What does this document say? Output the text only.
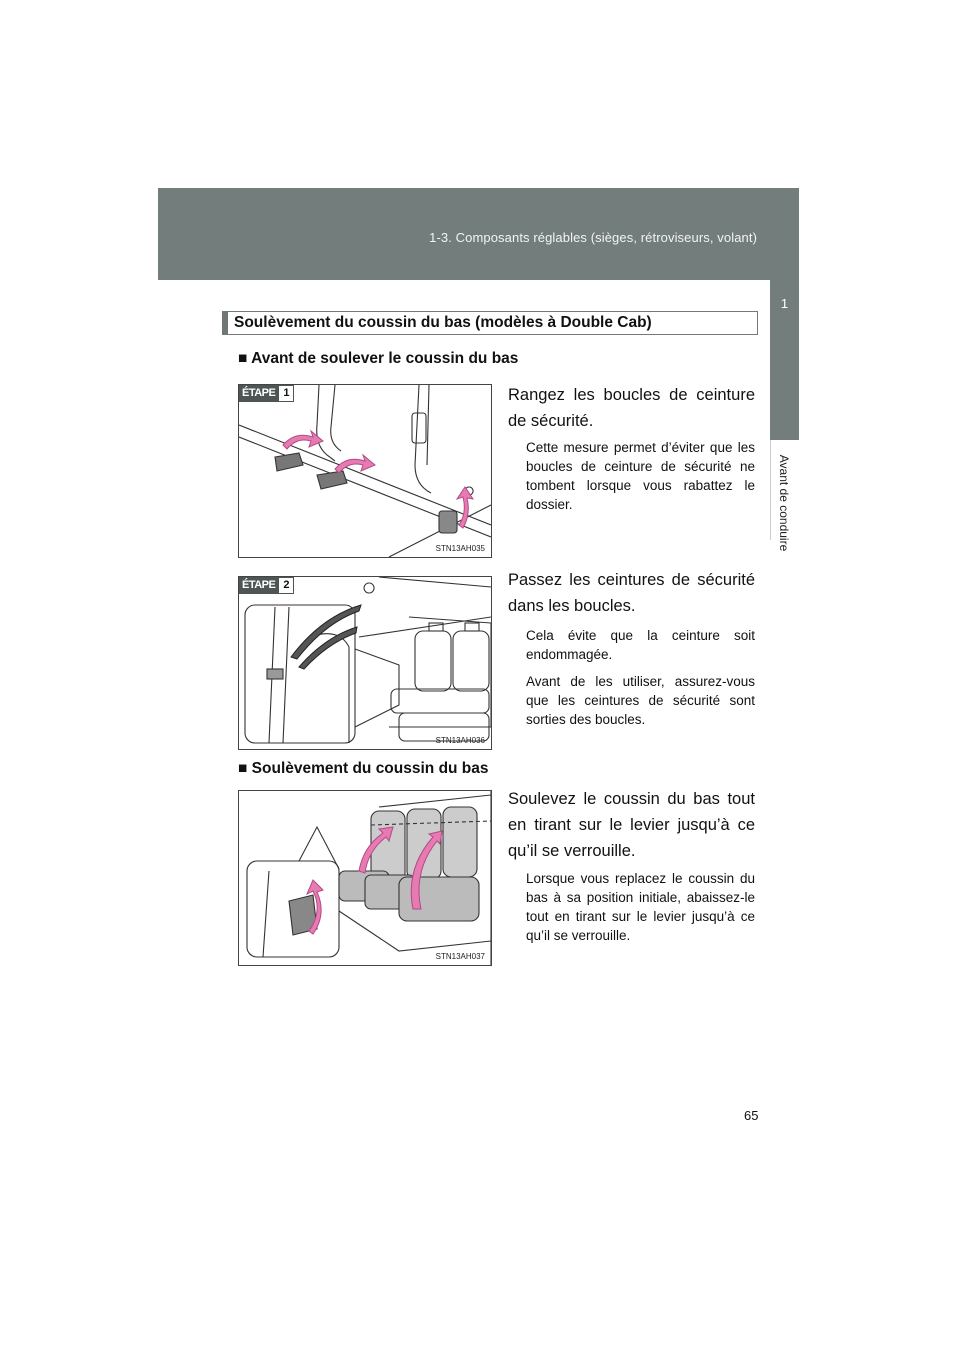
1-3. Composants réglables (sièges, rétroviseurs, volant)
1
Avant de conduire
Soulèvement du coussin du bas (modèles à Double Cab)
■ Avant de soulever le coussin du bas
ÉTAPE 1
STN13AH035
Rangez les boucles de ceinture de sécurité.
Cette mesure permet d’éviter que les boucles de ceinture de sécurité ne tombent lorsque vous rabattez le dossier.
ÉTAPE 2
STN13AH036
Passez les ceintures de sécurité dans les boucles.
Cela évite que la ceinture soit endommagée.
Avant de les utiliser, assurez-vous que les ceintures de sécurité sont sorties des boucles.
■ Soulèvement du coussin du bas
STN13AH037
Soulevez le coussin du bas tout en tirant sur le levier jusqu’à ce qu’il se verrouille.
Lorsque vous replacez le coussin du bas à sa position initiale, abaissez-le tout en tirant sur le levier jusqu’à ce qu’il se verrouille.
65
